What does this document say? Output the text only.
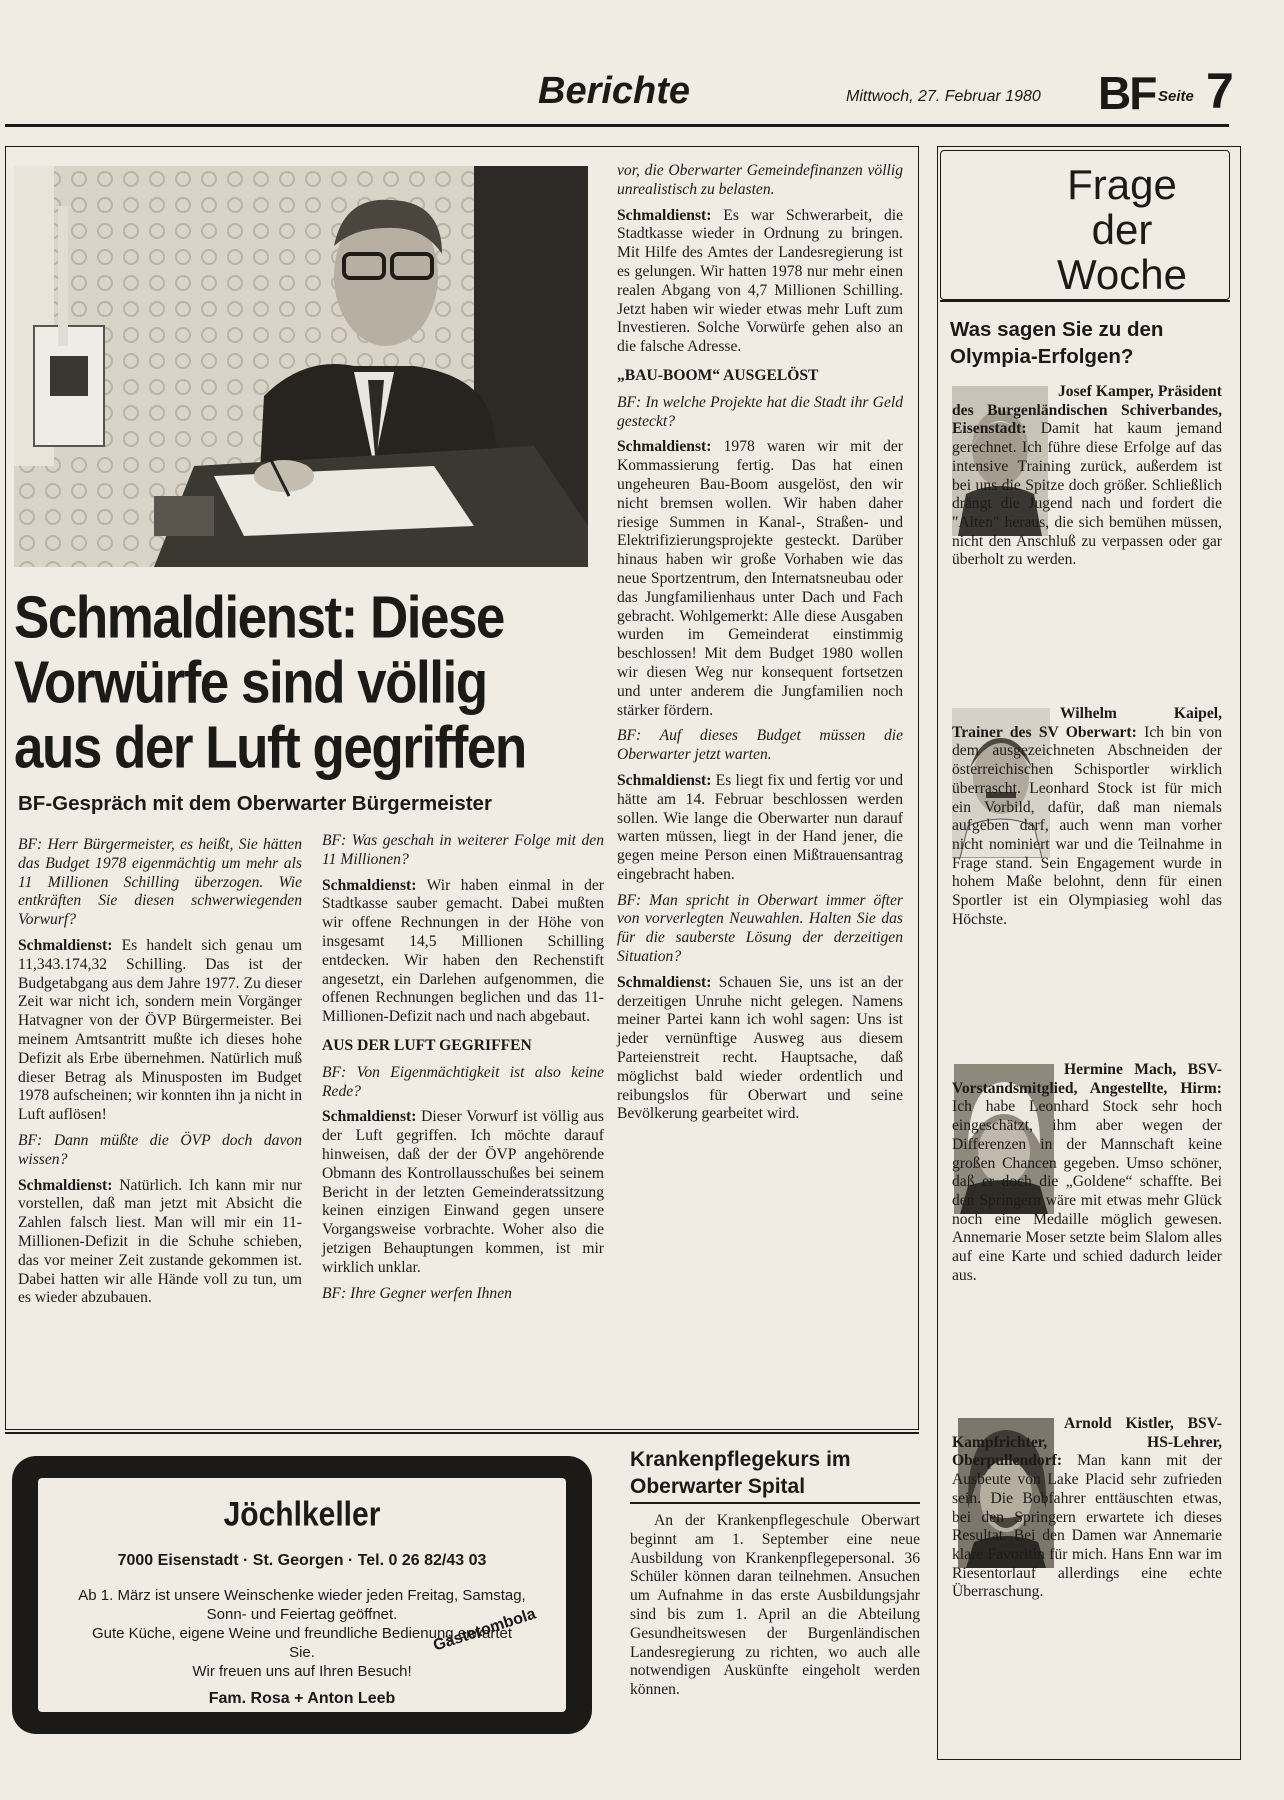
Berichte	Mittwoch, 27. Februar 1980 BF Seite 7
Schmaldienst: Diese
Vorwürfe sind völlig
aus der Luft gegriffen
BF-Gespräch mit dem Oberwarter Bürgermeister

BF: Herr Bürgermeister, es heißt, Sie hätten das Budget 1978 eigenmächtig um mehr als 11 Millionen Schilling überzogen. Wie entkräften Sie diesen schwerwiegenden Vorwurf?

Schmaldienst: Es handelt sich genau um 11,343.174,32 Schilling. Das ist der Budgetabgang aus dem Jahre 1977. Zu dieser Zeit war nicht ich, sondern mein Vorgänger Hatvagner von der ÖVP Bürgermeister. Bei meinem Amtsantritt mußte ich dieses hohe Defizit als Erbe übernehmen. Natürlich muß dieser Betrag als Minusposten im Budget 1978 aufscheinen; wir konnten ihn ja nicht in Luft auflösen!

BF: Dann müßte die ÖVP doch davon wissen?

Schmaldienst: Natürlich. Ich kann mir nur vorstellen, daß man jetzt mit Absicht die Zahlen falsch liest. Man will mir ein 11-Millionen-Defizit in die Schuhe schieben, das vor meiner Zeit zustande gekommen ist. Dabei hatten wir alle Hände voll zu tun, um es wieder abzubauen.

BF: Was geschah in weiterer Folge mit den 11 Millionen?

Schmaldienst: Wir haben einmal in der Stadtkasse sauber gemacht. Dabei mußten wir offene Rechnungen in der Höhe von insgesamt 14,5 Millionen Schilling entdecken. Wir haben den Rechenstift angesetzt, ein Darlehen aufgenommen, die offenen Rechnungen beglichen und das 11-Millionen-Defizit nach und nach abgebaut.

AUS DER LUFT GEGRIFFEN

BF: Von Eigenmächtigkeit ist also keine Rede?

Schmaldienst: Dieser Vorwurf ist völlig aus der Luft gegriffen. Ich möchte darauf hinweisen, daß der der ÖVP angehörende Obmann des Kontrollausschußes bei seinem Bericht in der letzten Gemeinderatssitzung keinen einzigen Einwand gegen unsere Vorgangsweise vorbrachte. Woher also die jetzigen Behauptungen kommen, ist mir wirklich unklar.

BF: Ihre Gegner werfen Ihnen

vor, die Oberwarter Gemeindefinanzen völlig unrealistisch zu belasten.

Schmaldienst: Es war Schwerarbeit, die Stadtkasse wieder in Ordnung zu bringen. Mit Hilfe des Amtes der Landesregierung ist es gelungen. Wir hatten 1978 nur mehr einen realen Abgang von 4,7 Millionen Schilling. Jetzt haben wir wieder etwas mehr Luft zum Investieren. Solche Vorwürfe gehen also an die falsche Adresse.

„BAU-BOOM“ AUSGELÖST

BF: In welche Projekte hat die Stadt ihr Geld gesteckt?

Schmaldienst: 1978 waren wir mit der Kommassierung fertig. Das hat einen ungeheuren Bau-Boom ausgelöst, den wir nicht bremsen wollen. Wir haben daher riesige Summen in Kanal-, Straßen- und Elektrifizierungsprojekte gesteckt. Darüber hinaus haben wir große Vorhaben wie das neue Sportzentrum, den Internatsneubau oder das Jungfamilienhaus unter Dach und Fach gebracht. Wohlgemerkt: Alle diese Ausgaben wurden im Gemeinderat einstimmig beschlossen! Mit dem Budget 1980 wollen wir diesen Weg nur konsequent fortsetzen und unter anderem die Jungfamilien noch stärker fördern.

BF: Auf dieses Budget müssen die Oberwarter jetzt warten.

Schmaldienst: Es liegt fix und fertig vor und hätte am 14. Februar beschlossen werden sollen. Wie lange die Oberwarter nun darauf warten müssen, liegt in der Hand jener, die gegen meine Person einen Mißtrauensantrag eingebracht haben.

BF: Man spricht in Oberwart immer öfter von vorverlegten Neuwahlen. Halten Sie das für die sauberste Lösung der derzeitigen Situation?

Schmaldienst: Schauen Sie, uns ist an der derzeitigen Unruhe nicht gelegen. Namens meiner Partei kann ich wohl sagen: Uns ist jeder vernünftige Ausweg aus diesem Parteienstreit recht. Hauptsache, daß möglichst bald wieder ordentlich und reibungslos für Oberwart und seine Bevölkerung gearbeitet wird.

Jöchlkeller
7000 Eisenstadt · St. Georgen · Tel. 0 26 82/43 03
Ab 1. März ist unsere Weinschenke wieder jeden Freitag, Samstag, Sonn- und Feiertag geöffnet.
Gute Küche, eigene Weine und freundliche Bedienung erwartet Sie.
Wir freuen uns auf Ihren Besuch!
Fam. Rosa + Anton Leeb
Gästetombola
Krankenpflegekurs im
Oberwarter Spital

An der Krankenpflegeschule Oberwart beginnt am 1. September eine neue Ausbildung von Krankenpflegepersonal. 36 Schüler können daran teilnehmen. Ansuchen um Aufnahme in das erste Ausbildungsjahr sind bis zum 1. April an die Abteilung Gesundheitswesen der Burgenländischen Landesregierung zu richten, wo auch alle notwendigen Auskünfte eingeholt werden können.

Frage
der
Woche
Was sagen Sie zu den Olympia-Erfolgen?

Josef Kamper, Präsident des Burgenländischen Schiverbandes, Eisenstadt: Damit hat kaum jemand gerechnet. Ich führe diese Erfolge auf das intensive Training zurück, außerdem ist bei uns die Spitze doch größer. Schließlich drängt die Jugend nach und fordert die "Alten" heraus, die sich bemühen müssen, nicht den Anschluß zu verpassen oder gar überholt zu werden.

Wilhelm Kaipel, Trainer des SV Oberwart: Ich bin von dem ausgezeichneten Abschneiden der österreichischen Schisportler wirklich überrascht. Leonhard Stock ist für mich ein Vorbild, dafür, daß man niemals aufgeben darf, auch wenn man vorher nicht nominiert war und die Teilnahme in Frage stand. Sein Engagement wurde in hohem Maße belohnt, denn für einen Sportler ist ein Olympiasieg wohl das Höchste.

Hermine Mach, BSV-Vorstandsmitglied, Angestellte, Hirm: Ich habe Leonhard Stock sehr hoch eingeschätzt, ihm aber wegen der Differenzen in der Mannschaft keine großen Chancen gegeben. Umso schöner, daß er doch die „Goldene“ schaffte. Bei den Springern wäre mit etwas mehr Glück noch eine Medaille möglich gewesen. Annemarie Moser setzte beim Slalom alles auf eine Karte und schied dadurch leider aus.

Arnold Kistler, BSV-Kampfrichter, HS-Lehrer, Oberpullendorf: Man kann mit der Ausbeute von Lake Placid sehr zufrieden sein. Die Bobfahrer enttäuschten etwas, bei den Springern erwartete ich dieses Resultat. Bei den Damen war Annemarie klare Favoritin für mich. Hans Enn war im Riesentorlauf allerdings eine echte Überraschung.
